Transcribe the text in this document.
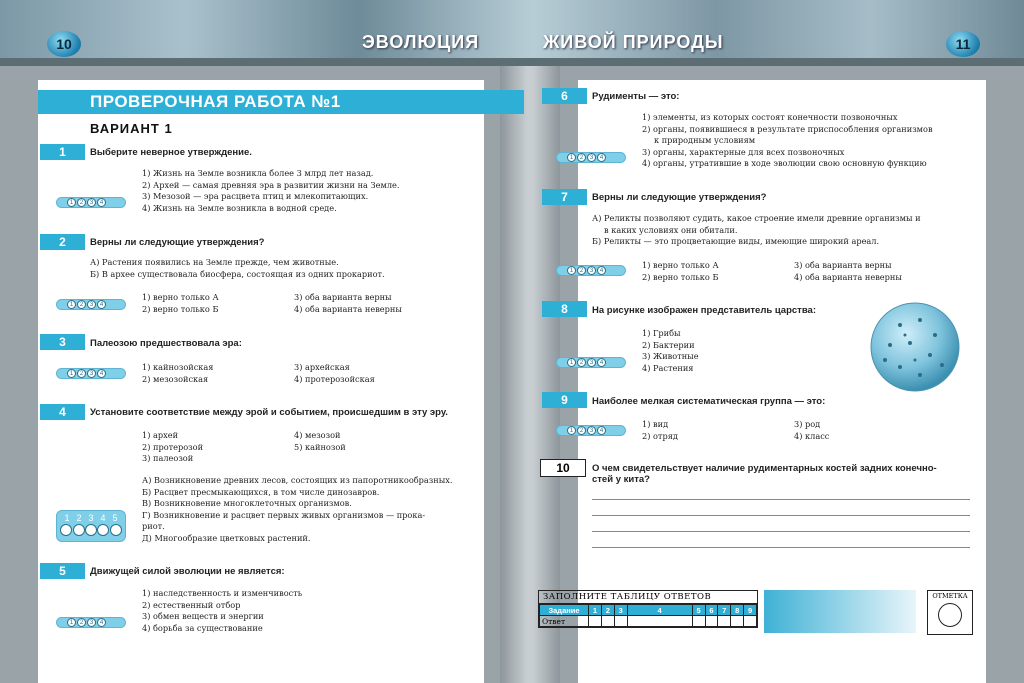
10	ЭВОЛЮЦИЯ	ЖИВОЙ ПРИРОДЫ	11
ПРОВЕРОЧНАЯ РАБОТА №1
ВАРИАНТ 1
1	Выберите неверное утверждение.
1) Жизнь на Земле возникла более 3 млрд лет назад.
2) Архей — самая древняя эра в развитии жизни на Земле.
3) Мезозой — эра расцвета птиц и млекопитающих.
4) Жизнь на Земле возникла в водной среде.
1	2	3	4
2	Верны ли следующие утверждения?
А) Растения появились на Земле прежде, чем животные.
Б) В архее существовала биосфера, состоящая из одних прокариот.
1) верно только А
2) верно только Б
3) оба варианта верны
4) оба варианта неверны
1	2	3	4
3	Палеозою предшествовала эра:
1) кайнозойская
2) мезозойская
3) архейская
4) протерозойская
1	2	3	4
4	Установите соответствие между эрой и событием, происшедшим в эту эру.
1) архей
2) протерозой
3) палеозой
4) мезозой
5) кайнозой
А) Возникновение древних лесов, состоящих из папоротникообразных.
Б) Расцвет пресмыкающихся, в том числе динозавров.
В) Возникновение многоклеточных организмов.
Г) Возникновение и расцвет первых живых организмов — прока-
риот.
Д) Многообразие цветковых растений.
1 2 3 4 5
5	Движущей силой эволюции не является:
1) наследственность и изменчивость
2) естественный отбор
3) обмен веществ и энергии
4) борьба за существование
1	2	3	4
6	Рудименты — это:
1) элементы, из которых состоят конечности позвоночных
2) органы, появившиеся в результате приспособления организмов
к природным условиям
3) органы, характерные для всех позвоночных
4) органы, утратившие в ходе эволюции свою основную функцию
1	2	3	4
7	Верны ли следующие утверждения?
А) Реликты позволяют судить, какое строение имели древние организмы и
в каких условиях они обитали.
Б) Реликты — это процветающие виды, имеющие широкий ареал.
1) верно только А
2) верно только Б
3) оба варианта верны
4) оба варианта неверны
1	2	3	4
8	На рисунке изображен представитель царства:
1) Грибы
2) Бактерии
3) Животные
4) Растения
1	2	3	4
9	Наиболее мелкая систематическая группа — это:
1) вид
2) отряд
3) род
4) класс
1	2	3	4
10	О чем свидетельствует наличие рудиментарных костей задних конечно-
стей у кита?
ЗАПОЛНИТЕ ТАБЛИЦУ ОТВЕТОВ
Задание	1	2	3	4	5	6	7	8	9
Ответ									
ОТМЕТКА
